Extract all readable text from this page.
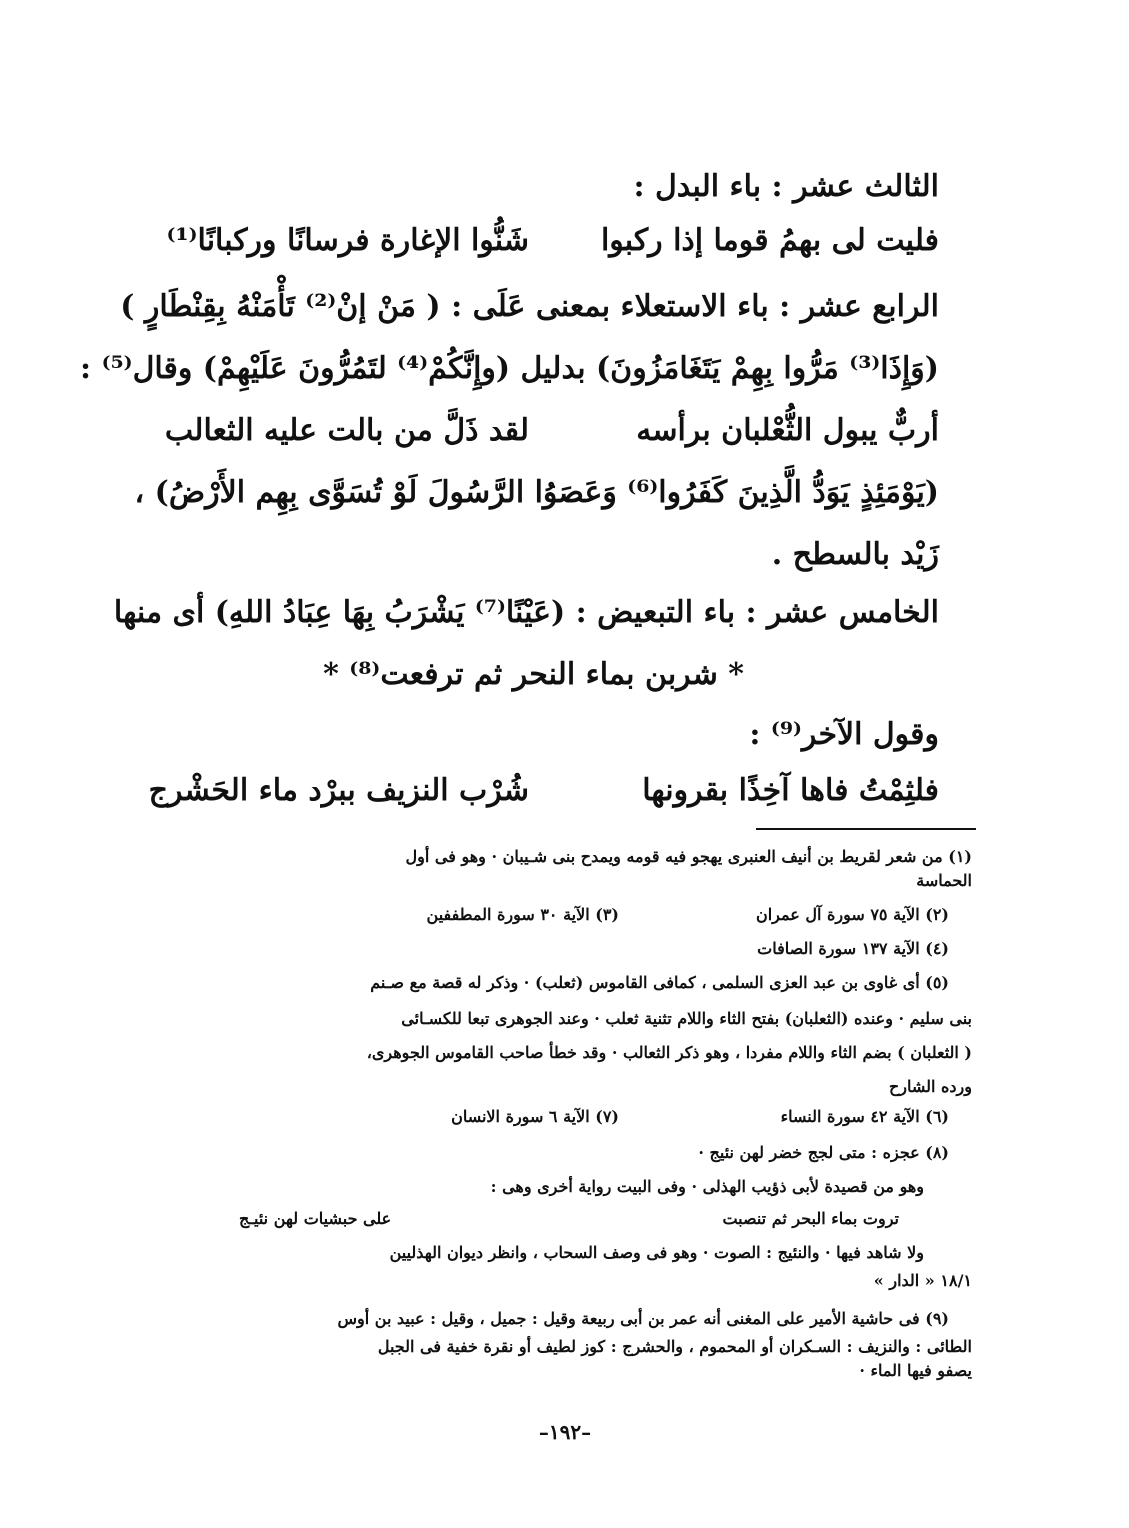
الثالث عشر : باء البدل :
فليت لى بهمُ قوما إذا ركبوا
شَنُّوا الإغارة فرسانًا وركبانًا⁽¹⁾
الرابع عشر : باء الاستعلاء بمعنى عَلَى : ( مَنْ إنْ⁽²⁾ تَأْمَنْهُ بِقِنْطَارٍ )
(وَإِذَا⁽³⁾ مَرُّوا بِهِمْ يَتَغَامَزُونَ) بدليل (وإِنَّكُمْ⁽⁴⁾ لتَمُرُّونَ عَلَيْهِمْ) وقال⁽⁵⁾ :
أربٌّ يبول الثُّعْلبان برأسه
لقد ذَلَّ من بالت عليه الثعالب
(يَوْمَئِذٍ يَوَدُّ الَّذِينَ كَفَرُوا⁽⁶⁾ وَعَصَوُا الرَّسُولَ لَوْ تُسَوَّى بِهِم الأَرْضُ) ،
زَيْد بالسطح .
الخامس عشر : باء التبعيض : (عَيْنًا⁽⁷⁾ يَشْرَبُ بِهَا عِبَادُ اللهِ) أى منها
* شربن بماء النحر ثم ترفعت⁽⁸⁾ *
وقول الآخر⁽⁹⁾ :
فلثِمْتُ فاها آخِذًا بقرونها
شُرْب النزيف ببرْد ماء الحَشْرج
(١) من شعر لقريط بن أنيف العنبرى يهجو فيه قومه ويمدح بنى شـيبان · وهو فى أول
الحماسة
(٢) الآية ٧٥ سورة آل عمران
(٣) الآية ٣٠ سورة المطففين
(٤) الآية ١٣٧ سورة الصافات
(٥) أى غاوى بن عبد العزى السلمى ، كمافى القاموس (ثعلب) · وذكر له قصة مع صـنم
بنى سليم · وعنده (الثعلبان) بفتح الثاء واللام تثنية ثعلب · وعند الجوهرى تبعا للكسـائى
( الثعلبان ) بضم الثاء واللام مفردا ، وهو ذكر الثعالب · وقد خطأ صاحب القاموس الجوهرى،
ورده الشارح
(٦) الآية ٤٢ سورة النساء
(٧) الآية ٦ سورة الانسان
(٨) عجزه : متى لجج خضر لهن نئيج ·
وهو من قصيدة لأبى ذؤيب الهذلى · وفى البيت رواية أخرى وهى :
تروت بماء البحر ثم تنصبت
على حبشيات لهن نئيـج
ولا شاهد فيها · والنئيج : الصوت · وهو فى وصف السحاب ، وانظر ديوان الهذليين
١٨/١ « الدار »
(٩) فى حاشية الأمير على المغنى أنه عمر بن أبى ربيعة وقيل : جميل ، وقيل : عبيد بن أوس
الطائى : والنزيف : السـكران أو المحموم ، والحشرج : كوز لطيف أو نقرة خفية فى الجبل
يصفو فيها الماء ·
–١٩٢–
